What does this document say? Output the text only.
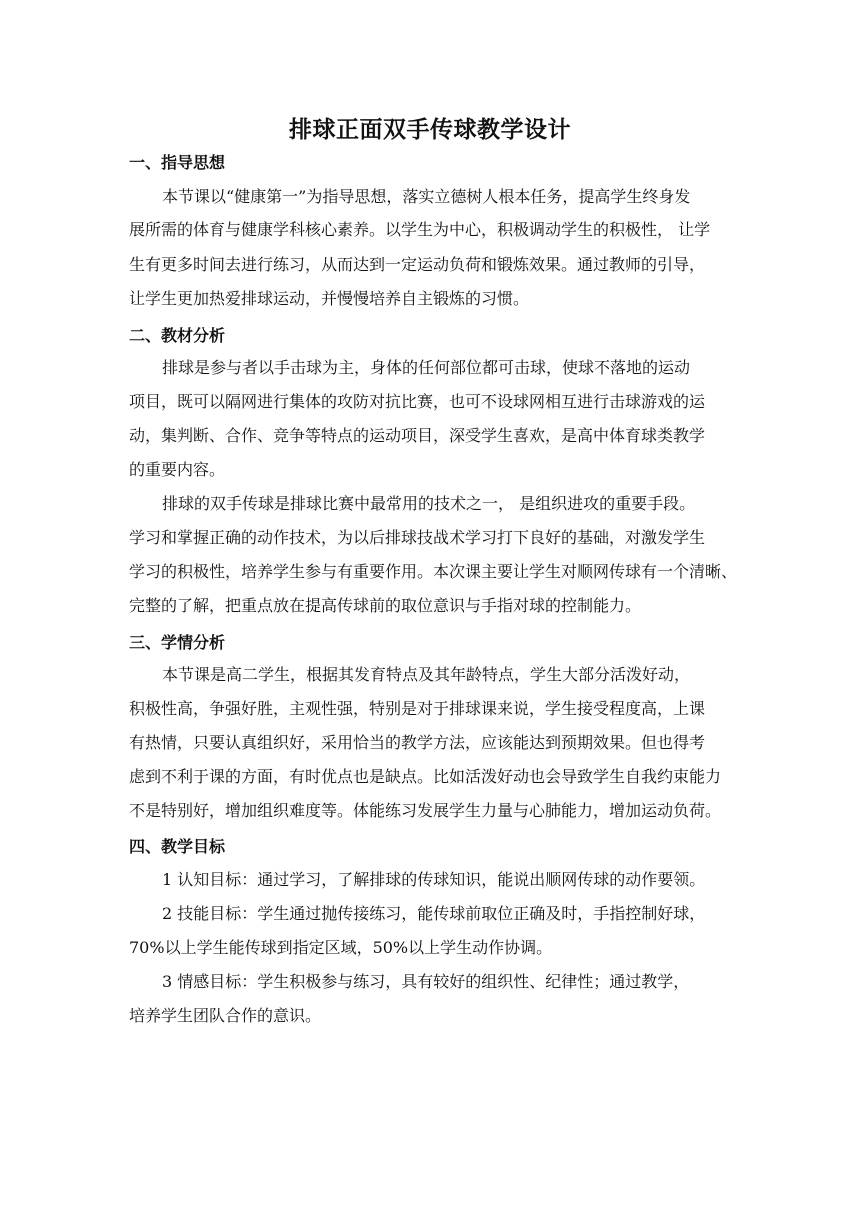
排球正面双手传球教学设计
一、指导思想
本节课以“健康第一”为指导思想，落实立德树人根本任务，提高学生终身发
展所需的体育与健康学科核心素养。以学生为中心，积极调动学生的积极性， 让学
生有更多时间去进行练习，从而达到一定运动负荷和锻炼效果。通过教师的引导，
让学生更加热爱排球运动，并慢慢培养自主锻炼的习惯。
二、教材分析
排球是参与者以手击球为主，身体的任何部位都可击球，使球不落地的运动
项目，既可以隔网进行集体的攻防对抗比赛，也可不设球网相互进行击球游戏的运
动，集判断、合作、竞争等特点的运动项目，深受学生喜欢，是高中体育球类教学
的重要内容。
排球的双手传球是排球比赛中最常用的技术之一， 是组织进攻的重要手段。
学习和掌握正确的动作技术，为以后排球技战术学习打下良好的基础，对激发学生
学习的积极性，培养学生参与有重要作用。本次课主要让学生对顺网传球有一个清晰、
完整的了解，把重点放在提高传球前的取位意识与手指对球的控制能力。
三、学情分析
本节课是高二学生，根据其发育特点及其年龄特点，学生大部分活泼好动，
积极性高，争强好胜，主观性强，特别是对于排球课来说，学生接受程度高，上课
有热情，只要认真组织好，采用恰当的教学方法，应该能达到预期效果。但也得考
虑到不利于课的方面，有时优点也是缺点。比如活泼好动也会导致学生自我约束能力
不是特别好，增加组织难度等。体能练习发展学生力量与心肺能力，增加运动负荷。
四、教学目标
1 认知目标：通过学习，了解排球的传球知识，能说出顺网传球的动作要领。
2 技能目标：学生通过抛传接练习，能传球前取位正确及时，手指控制好球，
70%以上学生能传球到指定区域，50%以上学生动作协调。
3 情感目标：学生积极参与练习，具有较好的组织性、纪律性；通过教学，
培养学生团队合作的意识。
